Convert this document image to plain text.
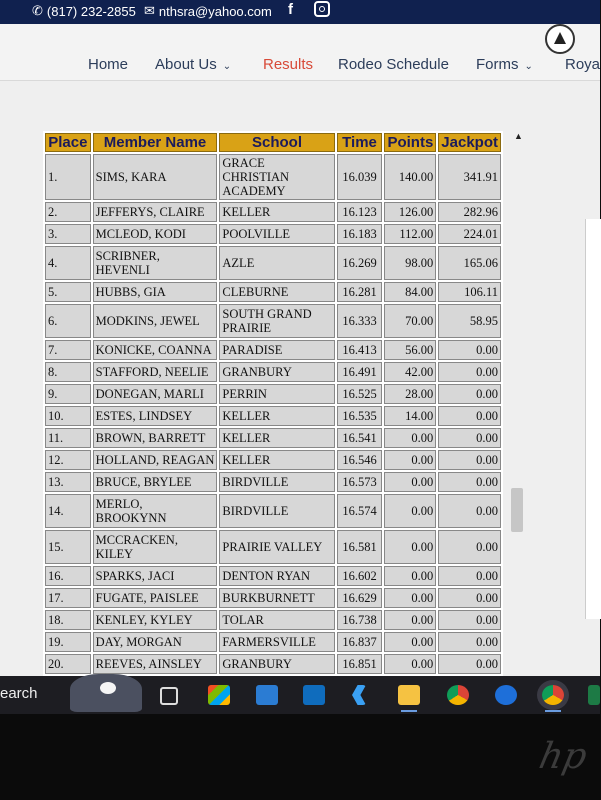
✆ (817) 232-2855 ✉ nthsra@yahoo.com f
Home About Us ⌄ Results Rodeo Schedule Forms ⌄ Roya
Place	Member Name	School	Time	Points	Jackpot
1.	SIMS, KARA	GRACE CHRISTIAN ACADEMY	16.039	140.00	341.91
2.	JEFFERYS, CLAIRE	KELLER	16.123	126.00	282.96
3.	MCLEOD, KODI	POOLVILLE	16.183	112.00	224.01
4.	SCRIBNER, HEVENLI	AZLE	16.269	98.00	165.06
5.	HUBBS, GIA	CLEBURNE	16.281	84.00	106.11
6.	MODKINS, JEWEL	SOUTH GRAND PRAIRIE	16.333	70.00	58.95
7.	KONICKE, COANNA	PARADISE	16.413	56.00	0.00
8.	STAFFORD, NEELIE	GRANBURY	16.491	42.00	0.00
9.	DONEGAN, MARLI	PERRIN	16.525	28.00	0.00
10.	ESTES, LINDSEY	KELLER	16.535	14.00	0.00
11.	BROWN, BARRETT	KELLER	16.541	0.00	0.00
12.	HOLLAND, REAGAN	KELLER	16.546	0.00	0.00
13.	BRUCE, BRYLEE	BIRDVILLE	16.573	0.00	0.00
14.	MERLO, BROOKYNN	BIRDVILLE	16.574	0.00	0.00
15.	MCCRACKEN, KILEY	PRAIRIE VALLEY	16.581	0.00	0.00
16.	SPARKS, JACI	DENTON RYAN	16.602	0.00	0.00
17.	FUGATE, PAISLEE	BURKBURNETT	16.629	0.00	0.00
18.	KENLEY, KYLEY	TOLAR	16.738	0.00	0.00
19.	DAY, MORGAN	FARMERSVILLE	16.837	0.00	0.00
20.	REEVES, AINSLEY	GRANBURY	16.851	0.00	0.00

▲
earch
hp
